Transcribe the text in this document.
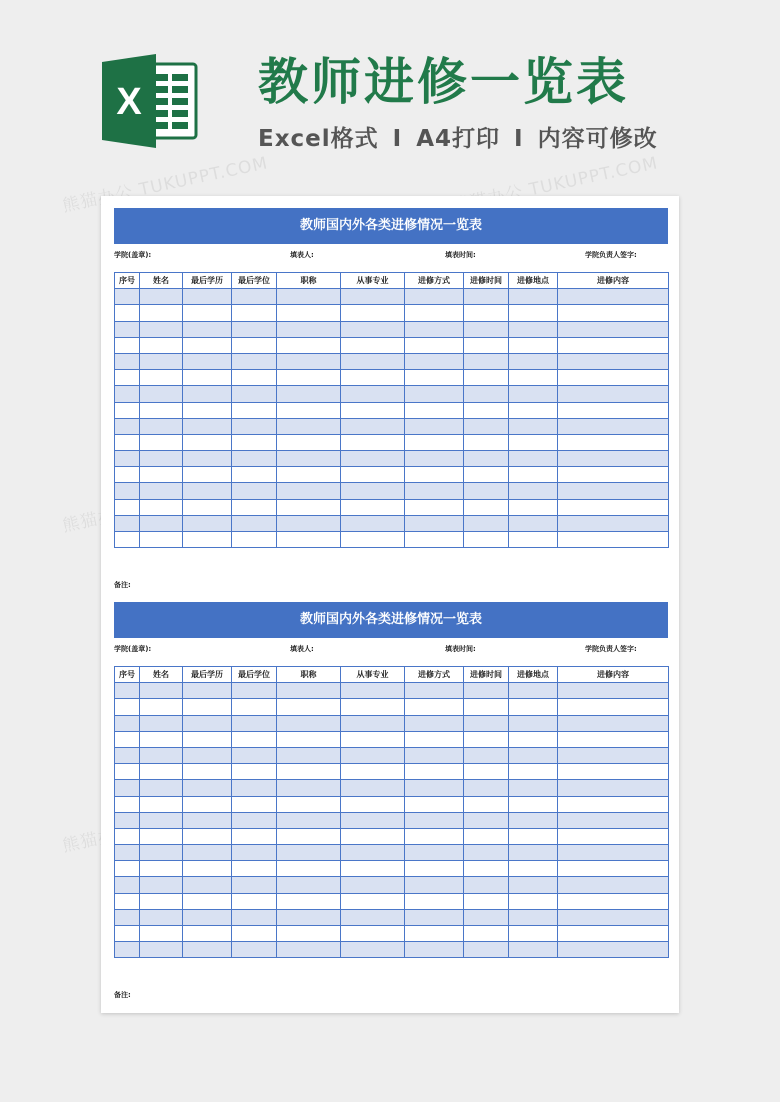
X 教师进修一览表
Excel格式 I A4打印 I 内容可修改
熊猫办公 TUKUPPT.COM	熊猫办公 TUKUPPT.COM
熊猫办公
熊猫办公
教师国内外各类进修情况一览表
学院(盖章):	填表人:	填表时间:	学院负责人签字:
序号	姓名	最后学历	最后学位	职称	从事专业	进修方式	进修时间	进修地点	进修内容

备注:
教师国内外各类进修情况一览表
学院(盖章):	填表人:	填表时间:	学院负责人签字:
序号	姓名	最后学历	最后学位	职称	从事专业	进修方式	进修时间	进修地点	进修内容

备注:
